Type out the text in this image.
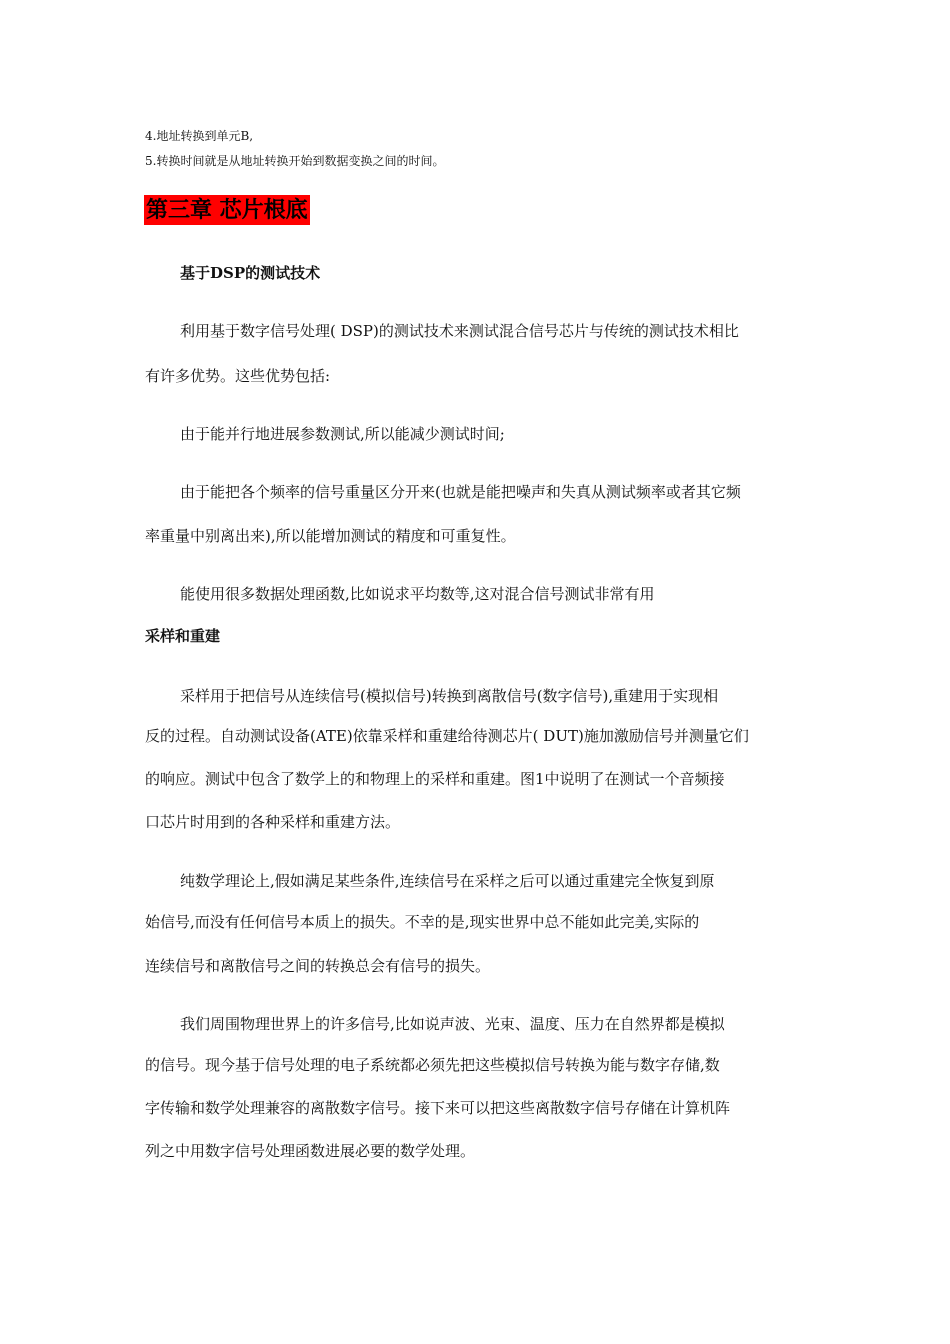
4.地址转换到单元B,

5.转换时间就是从地址转换开始到数据变换之间的时间。

第三章 芯片根底
基于DSP的测试技术

利用基于数字信号处理( DSP)的测试技术来测试混合信号芯片与传统的测试技术相比

有许多优势。这些优势包括:

由于能并行地进展参数测试,所以能减少测试时间;

由于能把各个频率的信号重量区分开来(也就是能把噪声和失真从测试频率或者其它频

率重量中别离出来),所以能增加测试的精度和可重复性。

能使用很多数据处理函数,比如说求平均数等,这对混合信号测试非常有用

采样和重建

采样用于把信号从连续信号(模拟信号)转换到离散信号(数字信号),重建用于实现相

反的过程。自动测试设备(ATE)依靠采样和重建给待测芯片( DUT)施加激励信号并测量它们

的响应。测试中包含了数学上的和物理上的采样和重建。图1中说明了在测试一个音频接

口芯片时用到的各种采样和重建方法。

纯数学理论上,假如满足某些条件,连续信号在采样之后可以通过重建完全恢复到原

始信号,而没有任何信号本质上的损失。不幸的是,现实世界中总不能如此完美,实际的

连续信号和离散信号之间的转换总会有信号的损失。

我们周围物理世界上的许多信号,比如说声波、光束、温度、压力在自然界都是模拟

的信号。现今基于信号处理的电子系统都必须先把这些模拟信号转换为能与数字存储,数

字传输和数学处理兼容的离散数字信号。接下来可以把这些离散数字信号存储在计算机阵

列之中用数字信号处理函数进展必要的数学处理。
